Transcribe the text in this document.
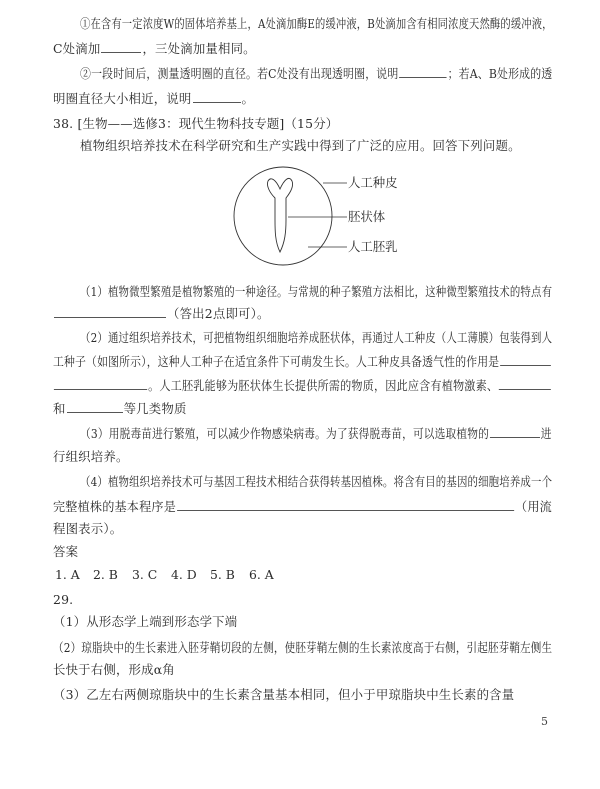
①在含有一定浓度W的固体培养基上，A处滴加酶E的缓冲液，B处滴加含有相同浓度天然酶的缓冲液，
C处滴加	，三处滴加量相同。
②一段时间后，测量透明圈的直径。若C处没有出现透明圈，说明	；若A、B处形成的透
明圈直径大小相近，说明	。
38. [生物——选修3：现代生物科技专题]（15分）
植物组织培养技术在科学研究和生产实践中得到了广泛的应用。回答下列问题。
人工种皮
胚状体
人工胚乳
（1）植物微型繁殖是植物繁殖的一种途径。与常规的种子繁殖方法相比，这种微型繁殖技术的特点有
（答出2点即可）。
（2）通过组织培养技术，可把植物组织细胞培养成胚状体，再通过人工种皮（人工薄膜）包装得到人
工种子（如图所示），这种人工种子在适宜条件下可萌发生长。人工种皮具备透气性的作用是
。人工胚乳能够为胚状体生长提供所需的物质，因此应含有植物激素、
和	等几类物质
（3）用脱毒苗进行繁殖，可以减少作物感染病毒。为了获得脱毒苗，可以选取植物的	进
行组织培养。
（4）植物组织培养技术可与基因工程技术相结合获得转基因植株。将含有目的基因的细胞培养成一个
完整植株的基本程序是	（用流
程图表示）。
答案
1. A 2. B 3. C 4. D 5. B 6. A
29.
（1）从形态学上端到形态学下端
（2）琼脂块中的生长素进入胚芽鞘切段的左侧，使胚芽鞘左侧的生长素浓度高于右侧，引起胚芽鞘左侧生
长快于右侧，形成α角
（3）乙左右两侧琼脂块中的生长素含量基本相同，但小于甲琼脂块中生长素的含量
5
